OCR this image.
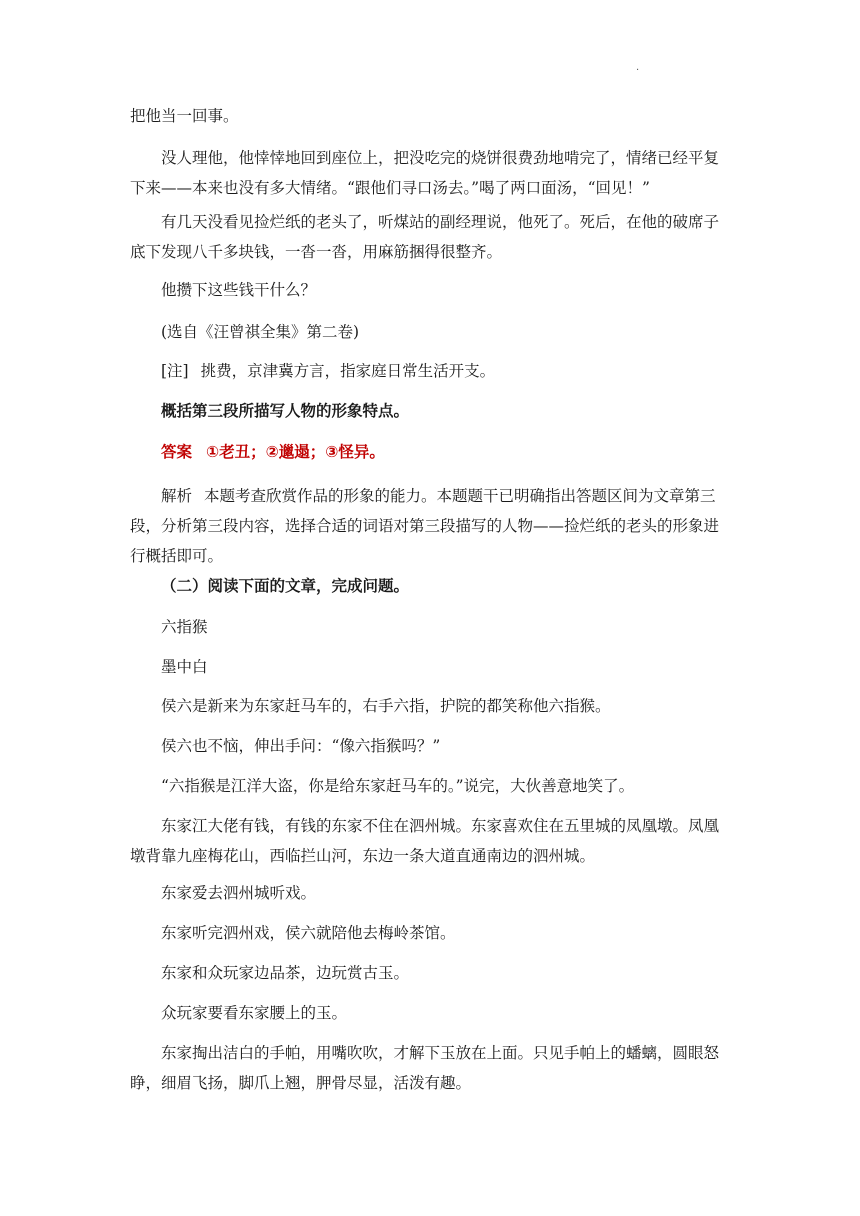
.

把他当一回事。

没人理他，他悻悻地回到座位上，把没吃完的烧饼很费劲地啃完了，情绪已经平复下来——本来也没有多大情绪。“跟他们寻口汤去。”喝了两口面汤，“回见！”

有几天没看见捡烂纸的老头了，听煤站的副经理说，他死了。死后，在他的破席子底下发现八千多块钱，一沓一沓，用麻筋捆得很整齐。

他攒下这些钱干什么？

(选自《汪曾祺全集》第二卷)

[注] 挑费，京津冀方言，指家庭日常生活开支。

概括第三段所描写人物的形象特点。

答案 ①老丑；②邋遢；③怪异。

解析 本题考查欣赏作品的形象的能力。本题题干已明确指出答题区间为文章第三段，分析第三段内容，选择合适的词语对第三段描写的人物——捡烂纸的老头的形象进行概括即可。

（二）阅读下面的文章，完成问题。

六指猴

墨中白

侯六是新来为东家赶马车的，右手六指，护院的都笑称他六指猴。

侯六也不恼，伸出手问：“像六指猴吗？”

“六指猴是江洋大盗，你是给东家赶马车的。”说完，大伙善意地笑了。

东家江大佬有钱，有钱的东家不住在泗州城。东家喜欢住在五里城的凤凰墩。凤凰墩背靠九座梅花山，西临拦山河，东边一条大道直通南边的泗州城。

东家爱去泗州城听戏。

东家听完泗州戏，侯六就陪他去梅岭茶馆。

东家和众玩家边品茶，边玩赏古玉。

众玩家要看东家腰上的玉。

东家掏出洁白的手帕，用嘴吹吹，才解下玉放在上面。只见手帕上的蟠螭，圆眼怒睁，细眉飞扬，脚爪上翘，胛骨尽显，活泼有趣。
